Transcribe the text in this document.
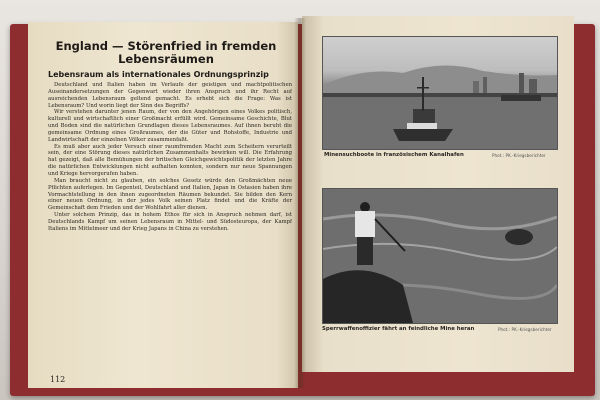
England — Störenfried in fremden Lebensräumen
Lebensraum als internationales Ordnungsprinzip

Deutschland und Italien haben im Verlaufe der geistigen und machtpolitischen Auseinandersetzungen der Gegenwart wieder ihren Anspruch und ihr Recht auf ausreichenden Lebensraum geltend gemacht. Es erhebt sich die Frage: Was ist Lebensraum? Und worin liegt der Sinn des Begriffs?

Wir verstehen darunter jenen Raum, der von den Angehörigen eines Volkes politisch, kulturell und wirtschaftlich einer Großmacht erfüllt wird. Gemeinsame Geschichte, Blut und Boden sind die natürlichen Grundlagen dieses Lebensraumes. Auf ihnen beruht die gemeinsame Ordnung eines Großraumes, der die Güter und Rohstoffe, Industrie und Landwirtschaft der einzelnen Völker zusammenfaßt.

Es muß aber auch jeder Versuch einer raumfremden Macht zum Scheitern verurteilt sein, der eine Störung dieses natürlichen Zusammenhalts bewirken will. Die Erfahrung hat gezeigt, daß alle Bemühungen der britischen Gleichgewichtspolitik der letzten Jahre die natürlichen Entwicklungen nicht aufhalten konnten, sondern nur neue Spannungen und Kriege hervorgerufen haben.

Man braucht nicht zu glauben, ein solches Gesetz würde den Großmächten neue Pflichten auferlegen. Im Gegenteil, Deutschland und Italien, Japan in Ostasien haben ihre Vormachtstellung in den ihnen zugeordneten Räumen bekundet. Sie bilden den Kern einer neuen Ordnung, in der jedes Volk seinen Platz findet und die Kräfte der Gemeinschaft dem Frieden und der Wohlfahrt aller dienen.

Unter solchem Prinzip, das in hohem Ethos für sich in Anspruch nehmen darf, ist Deutschlands Kampf um seinen Lebensraum in Mittel- und Südosteuropa, der Kampf Italiens im Mittelmeer und der Krieg Japans in China zu verstehen.

112
Minensuchboote in französischem Kanalhafen	Phot.: PK.-Kriegsberichter
Sperrwaffenoffizier fährt an feindliche Mine heran	Phot.: PK.-Kriegsberichter
